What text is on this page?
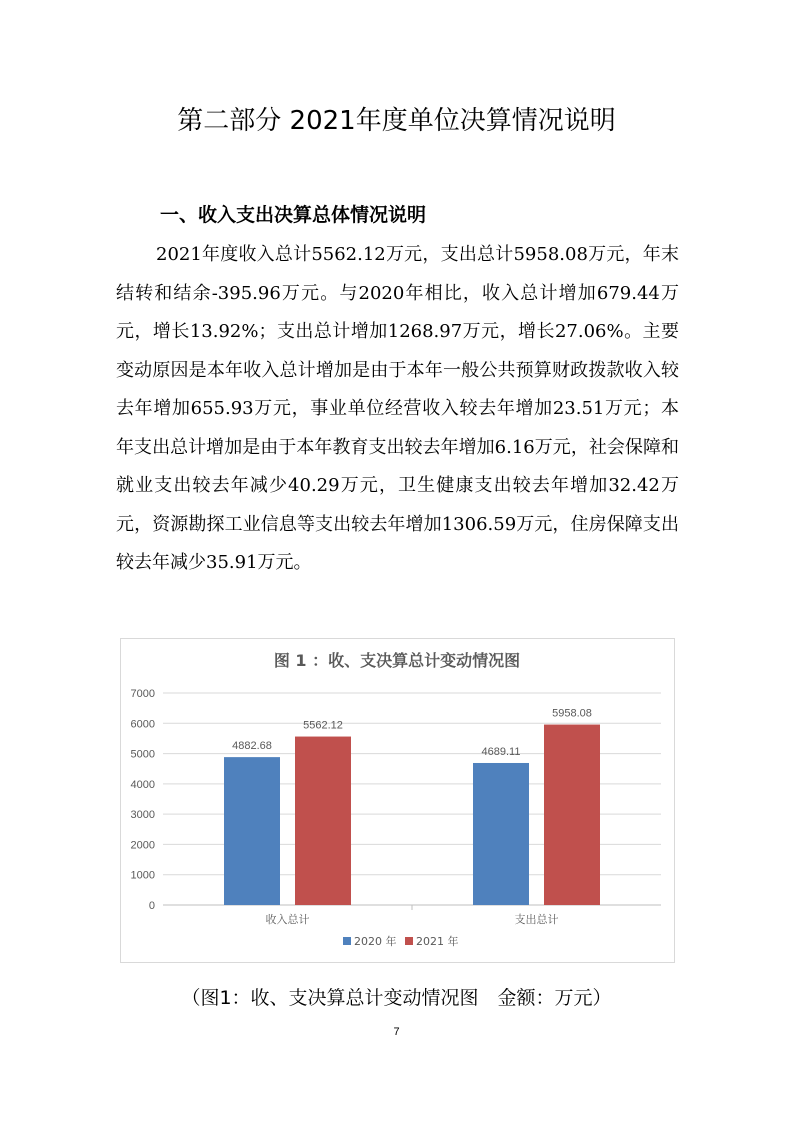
第二部分 2021年度单位决算情况说明
一、收入支出决算总体情况说明

2021年度收入总计5562.12万元，支出总计5958.08万元，年末结转和结余-395.96万元。与2020年相比，收入总计增加679.44万元，增长13.92%；支出总计增加1268.97万元，增长27.06%。主要变动原因是本年收入总计增加是由于本年一般公共预算财政拨款收入较去年增加655.93万元，事业单位经营收入较去年增加23.51万元；本年支出总计增加是由于本年教育支出较去年增加6.16万元，社会保障和就业支出较去年减少40.29万元，卫生健康支出较去年增加32.42万元，资源勘探工业信息等支出较去年增加1306.59万元，住房保障支出较去年减少35.91万元。

图 1 ：收、支决算总计变动情况图
0
1000
2000
3000
4000
5000
6000
7000
4882.68
5562.12
收入总计
4689.11
5958.08
支出总计
2020 年 2021 年
（图1：收、支决算总计变动情况图　金额：万元）
7
